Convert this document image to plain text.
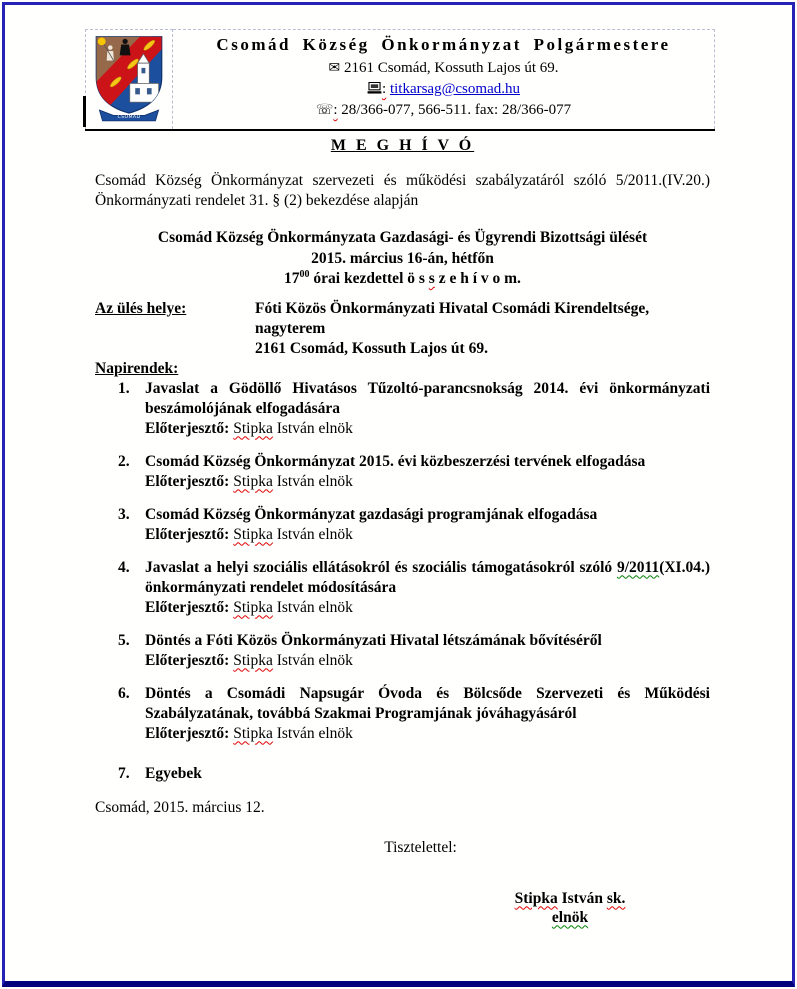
CSOMÁD
Csomád Község Önkormányzat Polgármestere
✉ 2161 Csomád, Kossuth Lajos út 69.
: titkarsag@csomad.hu
☏: 28/366-077, 566-511. fax: 28/366-077
M E G H Í V Ó

Csomád Község Önkormányzat szervezeti és működési szabályzatáról szóló 5/2011.(IV.20.) Önkormányzati rendelet 31. § (2) bekezdése alapján

Csomád Község Önkormányzata Gazdasági- és Ügyrendi Bizottsági ülését
2015. március 16-án, hétfőn
$17^{00}$ órai kezdettel ö s s z e h í v o m.
Az ülés helye:	Fóti Közös Önkormányzati Hivatal Csomádi Kirendeltsége,
nagyterem
2161 Csomád, Kossuth Lajos út 69.
Napirendek:
1. Javaslat a Gödöllő Hivatásos Tűzoltó-parancsnokság 2014. évi önkormányzati beszámolójának elfogadására
Előterjesztő: Stipka István elnök
2. Csomád Község Önkormányzat 2015. évi közbeszerzési tervének elfogadása
Előterjesztő: Stipka István elnök
3. Csomád Község Önkormányzat gazdasági programjának elfogadása
Előterjesztő: Stipka István elnök
4. Javaslat a helyi szociális ellátásokról és szociális támogatásokról szóló 9/2011(XI.04.) önkormányzati rendelet módosítására
Előterjesztő: Stipka István elnök
5. Döntés a Fóti Közös Önkormányzati Hivatal létszámának bővítéséről
Előterjesztő: Stipka István elnök
6. Döntés a Csomádi Napsugár Óvoda és Bölcsőde Szervezeti és Működési Szabályzatának, továbbá Szakmai Programjának jóváhagyásáról
Előterjesztő: Stipka István elnök
7. Egyebek
Csomád, 2015. március 12.
Tisztelettel:
Stipka István sk.
elnök
